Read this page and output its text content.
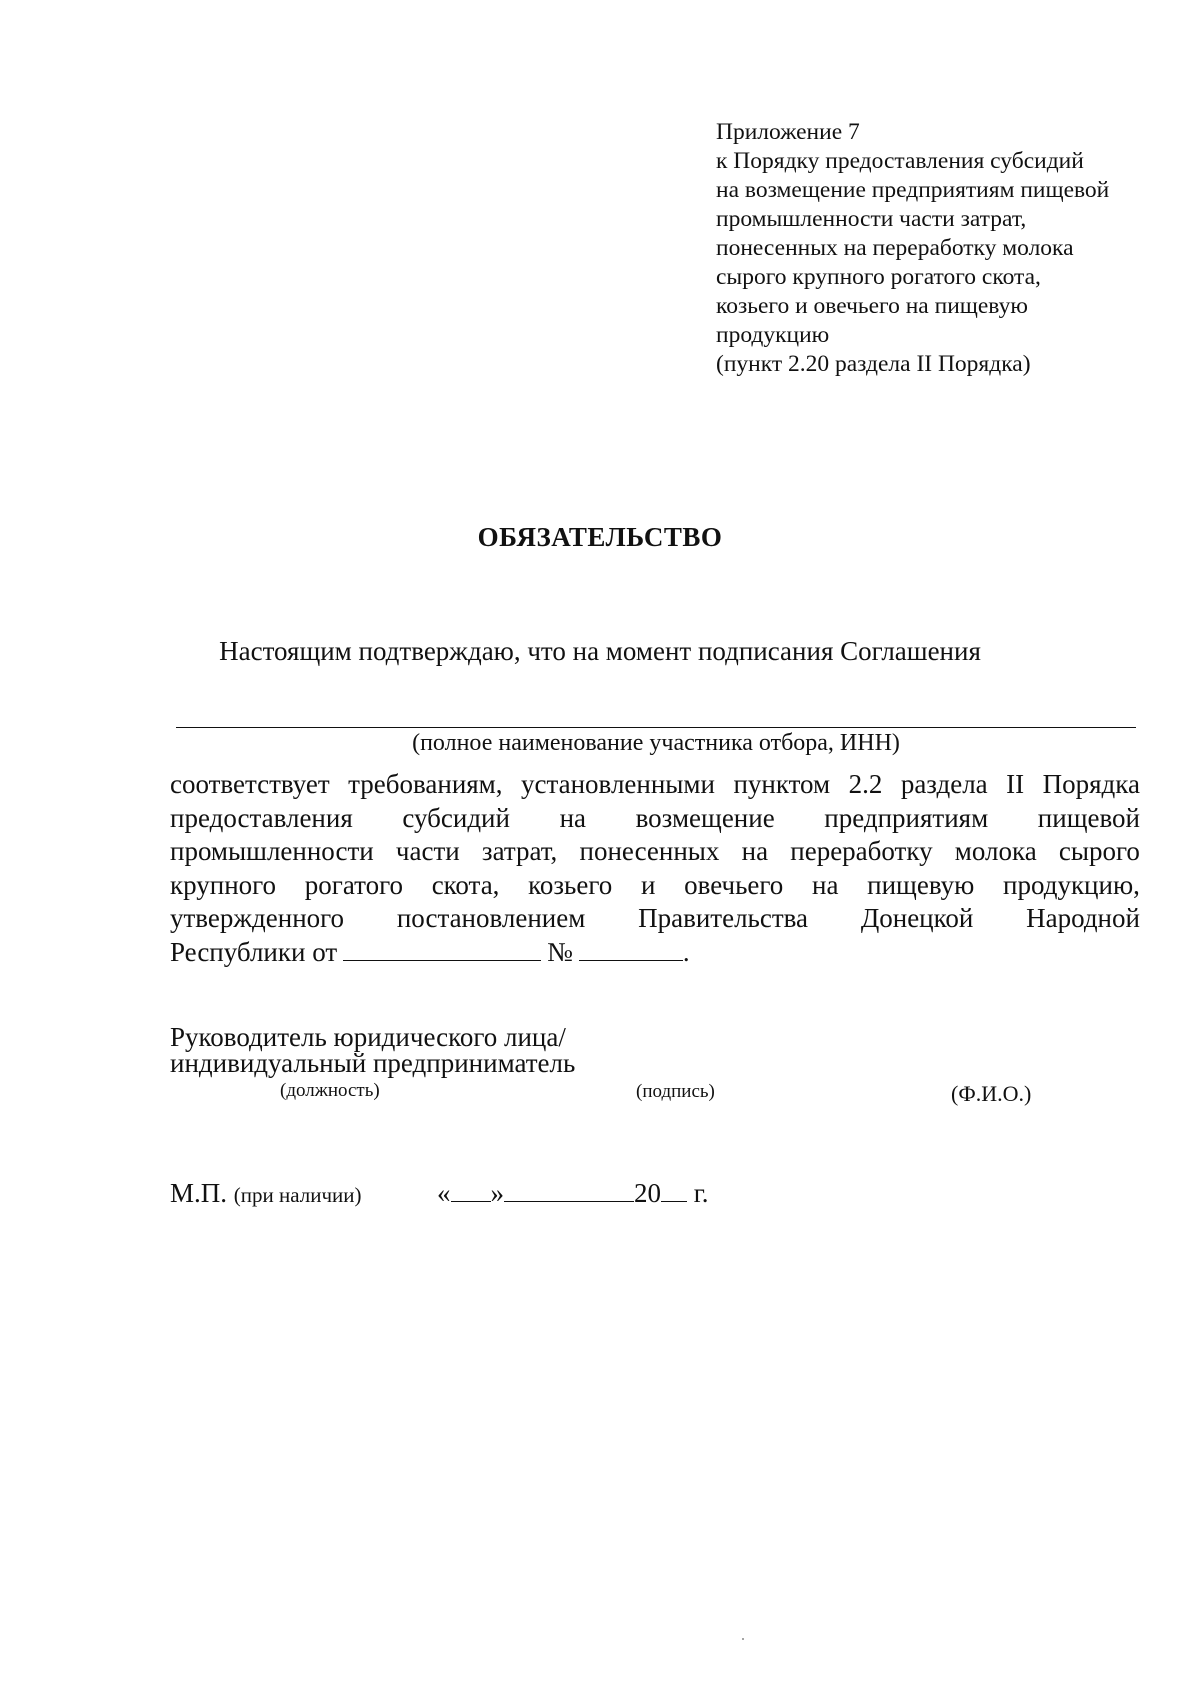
Приложение 7
к Порядку предоставления субсидий
на возмещение предприятиям пищевой
промышленности части затрат,
понесенных на переработку молока
сырого крупного рогатого скота,
козьего и овечьего на пищевую
продукцию
(пункт 2.20 раздела II Порядка)
ОБЯЗАТЕЛЬСТВО
Настоящим подтверждаю, что на момент подписания Соглашения
(полное наименование участника отбора, ИНН)
соответствует требованиям, установленными пунктом 2.2 раздела II Порядка
предоставления субсидий на возмещение предприятиям пищевой
промышленности части затрат, понесенных на переработку молока сырого
крупного рогатого скота, козьего и овечьего на пищевую продукцию,
утвержденного постановлением Правительства Донецкой Народной
Республики от	№	.
Руководитель юридического лица/
индивидуальный предприниматель
(должность)	(подпись)	(Ф.И.О.)
М.П. (при наличии)	« »	20 г.
